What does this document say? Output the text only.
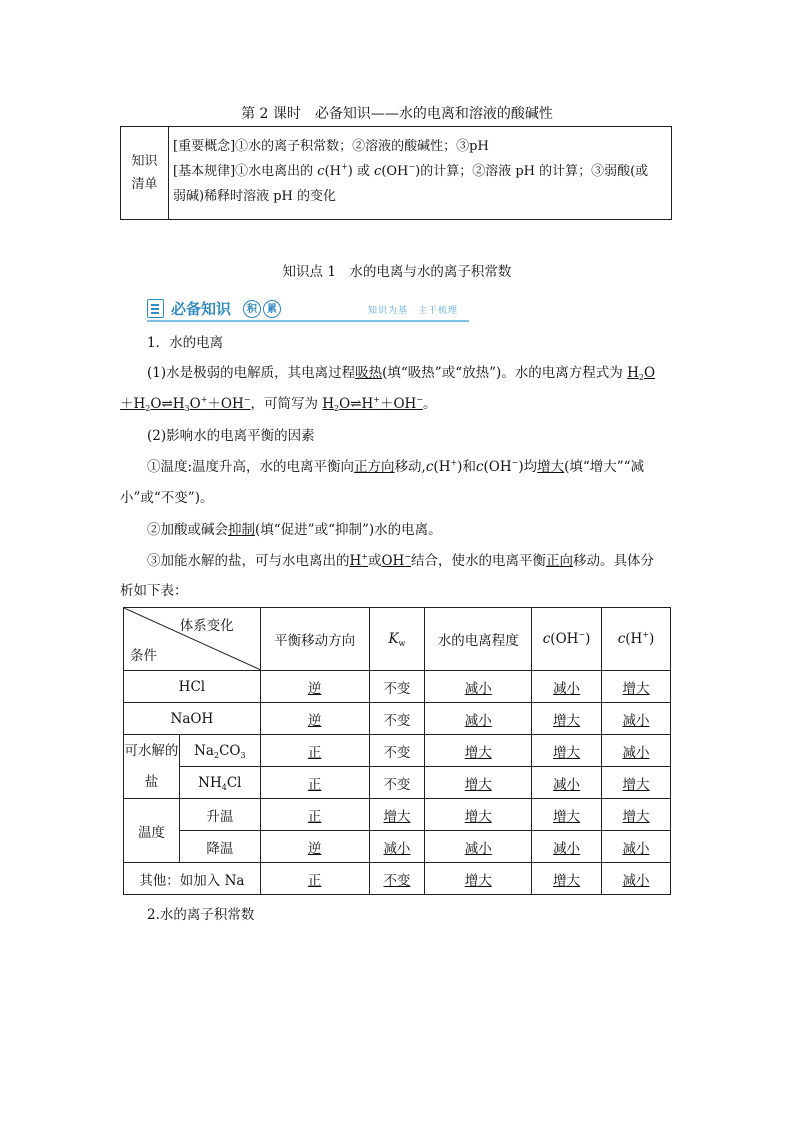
第 2 课时　必备知识——水的电离和溶液的酸碱性
知识
清单
[重要概念]①水的离子积常数；②溶液的酸碱性；③pH
[基本规律]①水电离出的 c(H+) 或 c(OH−)的计算；②溶液 pH 的计算；③弱酸(或
弱碱)稀释时溶液 pH 的变化
知识点 1　水的电离与水的离子积常数
必备知识	积	累	知识为基　主干梳理
1．水的电离
(1)水是极弱的电解质，其电离过程吸热(填“吸热”或“放热”)。水的电离方程式为 $H_2O$
$+H_2O\rightleftharpoons H_3O^++OH^-$，可简写为 $H_2O\rightleftharpoons H^++OH^-$。
(2)影响水的电离平衡的因素
①温度:温度升高，水的电离平衡向正方向移动,c(H+)和c(OH−)均增大(填“增大”“减
小”或“不变”)。
②加酸或碱会抑制(填“促进”或“抑制”)水的电离。
③加能水解的盐，可与水电离出的H+或OH−结合，使水的电离平衡正向移动。具体分
析如下表：
体系变化
条件		平衡移动方向	$K_w$	水的电离程度	c(OH−)	c(H+)
HCl		逆	不变	减小	减小	增大
NaOH		逆	不变	减小	增大	减小
可水解的盐	$Na_2CO_3$	正	不变	增大	增大	减小
	$NH_4Cl$	正	不变	增大	减小	增大
温度	升温	正	增大	增大	增大	增大
	降温	逆	减小	减小	减小	减小
其他：如加入 Na		正	不变	增大	增大	减小
2.水的离子积常数
